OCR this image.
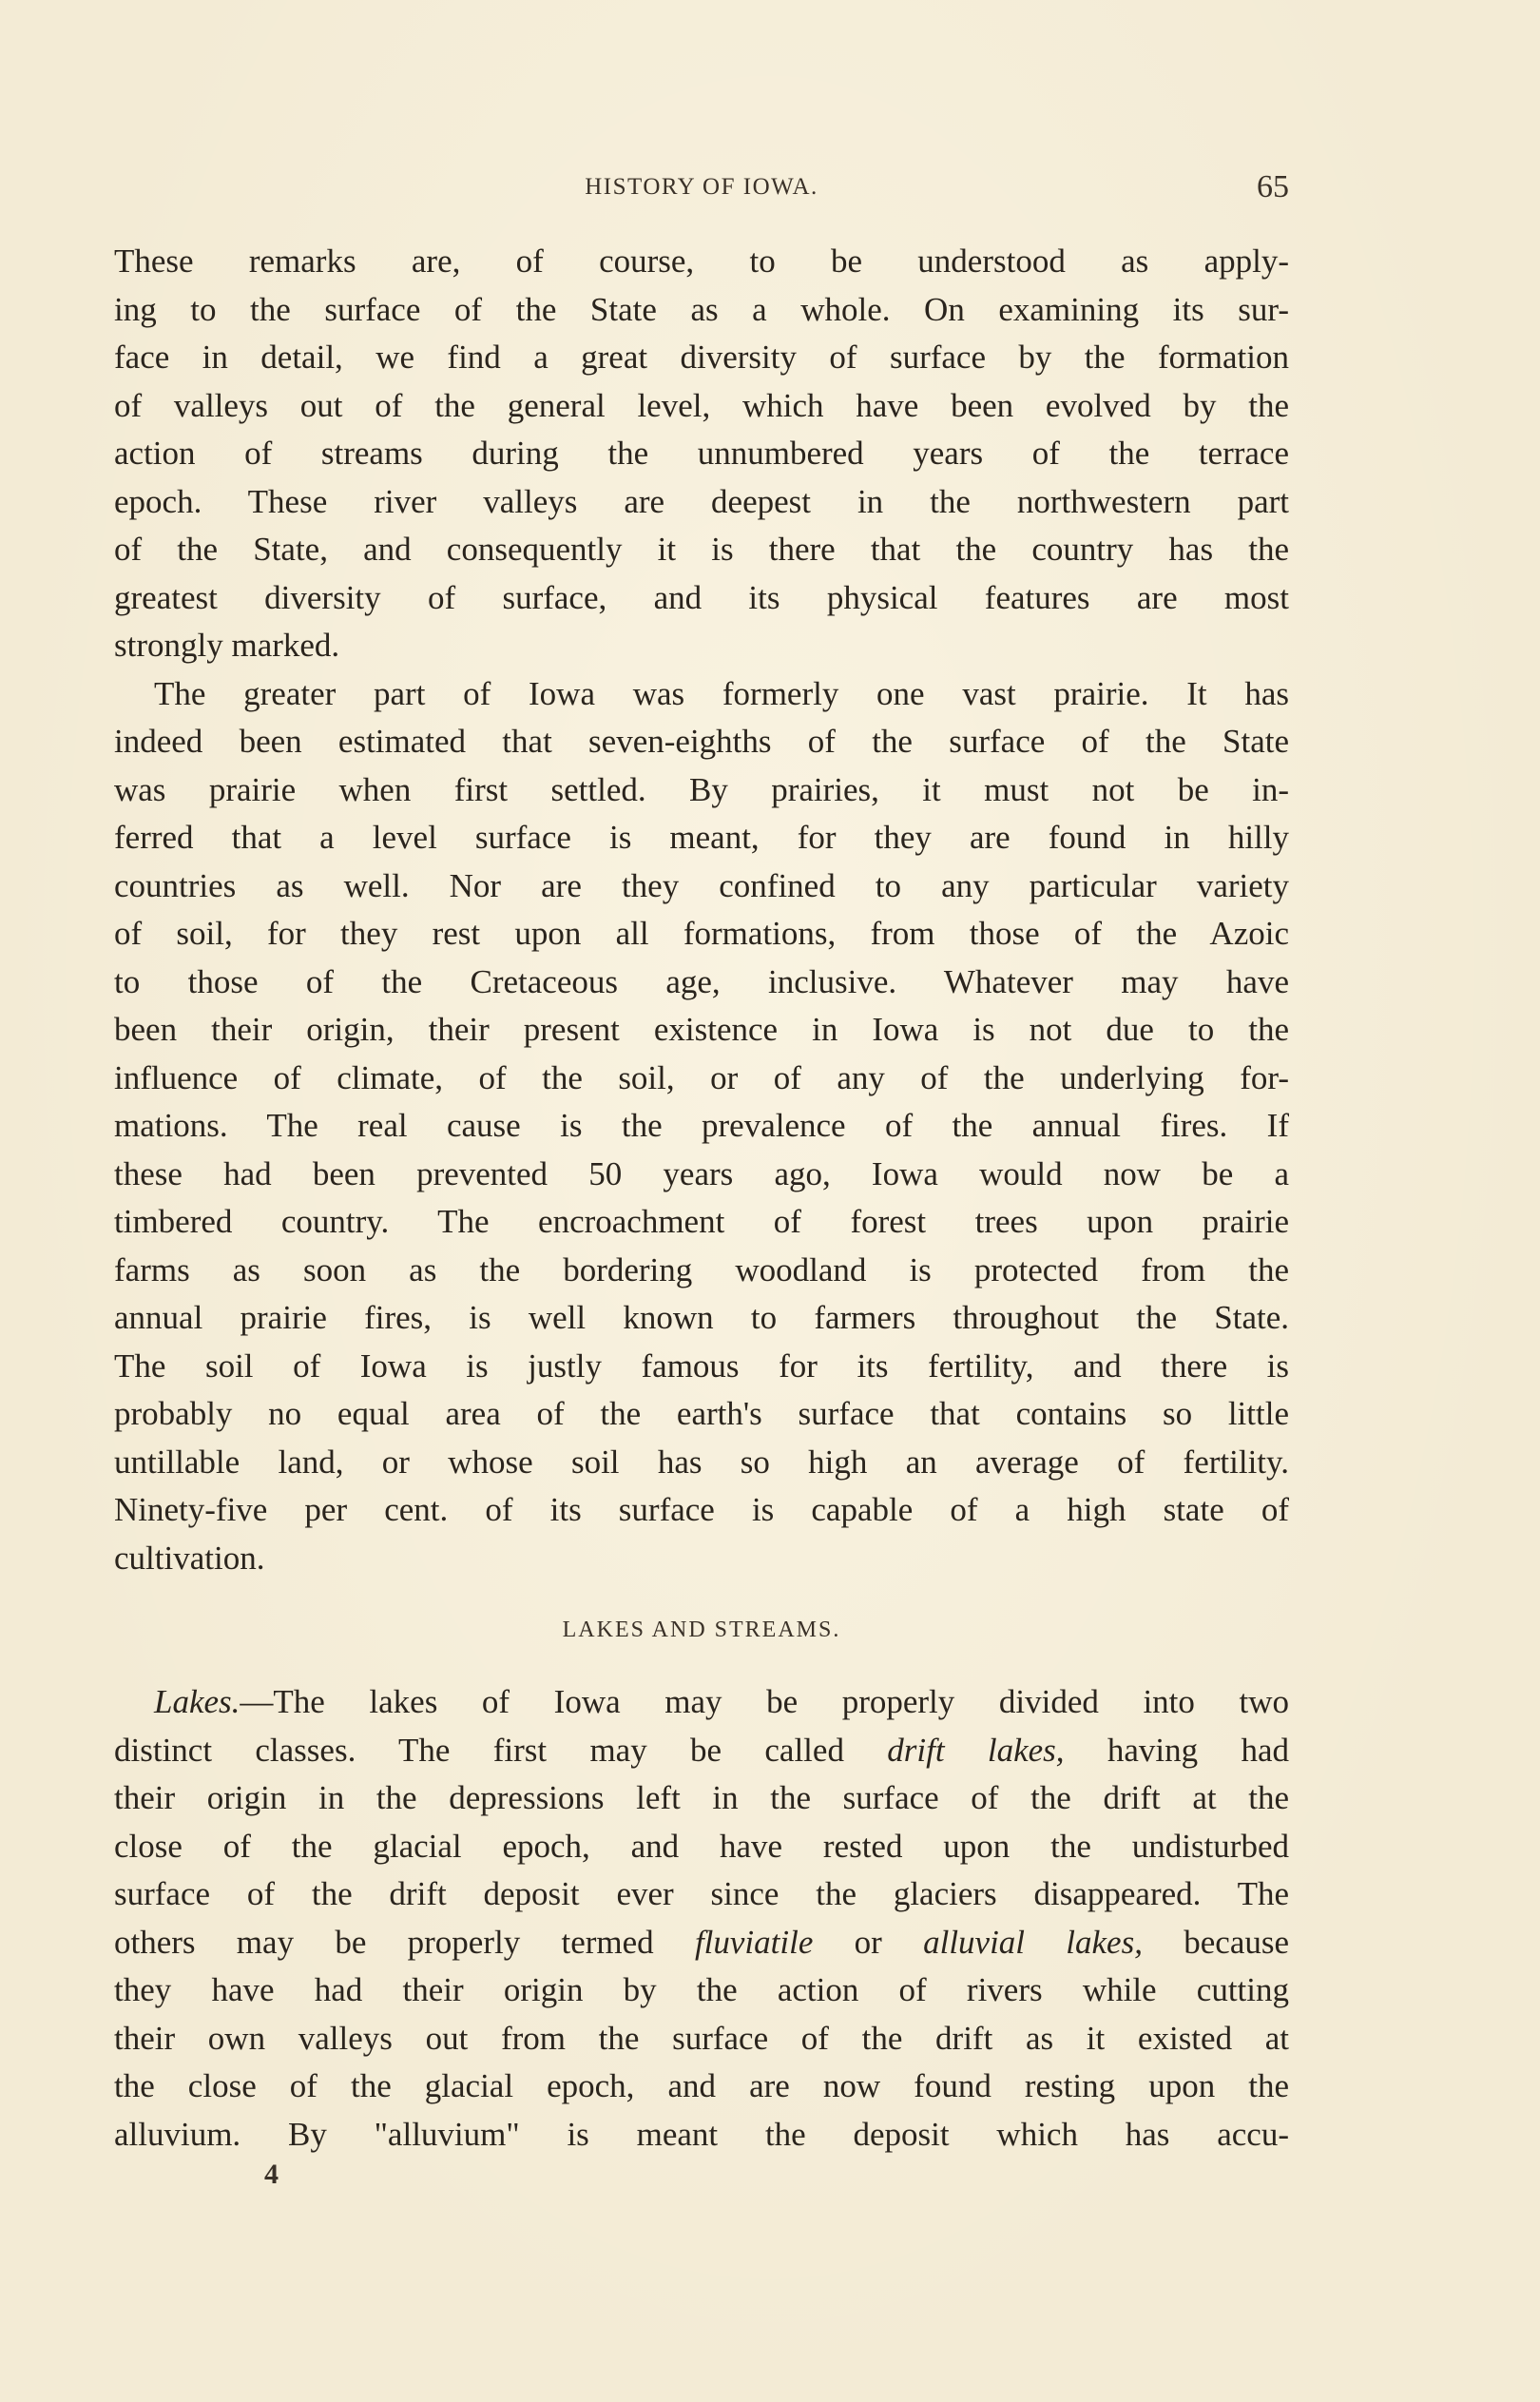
HISTORY OF IOWA.	65
These remarks are, of course, to be understood as apply-
ing to the surface of the State as a whole. On examining its sur-
face in detail, we find a great diversity of surface by the formation
of valleys out of the general level, which have been evolved by the
action of streams during the unnumbered years of the terrace
epoch. These river valleys are deepest in the northwestern part
of the State, and consequently it is there that the country has the
greatest diversity of surface, and its physical features are most
strongly marked.
The greater part of Iowa was formerly one vast prairie. It has
indeed been estimated that seven-eighths of the surface of the State
was prairie when first settled. By prairies, it must not be in-
ferred that a level surface is meant, for they are found in hilly
countries as well. Nor are they confined to any particular variety
of soil, for they rest upon all formations, from those of the Azoic
to those of the Cretaceous age, inclusive. Whatever may have
been their origin, their present existence in Iowa is not due to the
influence of climate, of the soil, or of any of the underlying for-
mations. The real cause is the prevalence of the annual fires. If
these had been prevented 50 years ago, Iowa would now be a
timbered country. The encroachment of forest trees upon prairie
farms as soon as the bordering woodland is protected from the
annual prairie fires, is well known to farmers throughout the State.
The soil of Iowa is justly famous for its fertility, and there is
probably no equal area of the earth's surface that contains so little
untillable land, or whose soil has so high an average of fertility.
Ninety-five per cent. of its surface is capable of a high state of
cultivation.
LAKES AND STREAMS.
Lakes.—The lakes of Iowa may be properly divided into two
distinct classes. The first may be called drift lakes, having had
their origin in the depressions left in the surface of the drift at the
close of the glacial epoch, and have rested upon the undisturbed
surface of the drift deposit ever since the glaciers disappeared. The
others may be properly termed fluviatile or alluvial lakes, because
they have had their origin by the action of rivers while cutting
their own valleys out from the surface of the drift as it existed at
the close of the glacial epoch, and are now found resting upon the
alluvium. By "alluvium" is meant the deposit which has accu-
4
